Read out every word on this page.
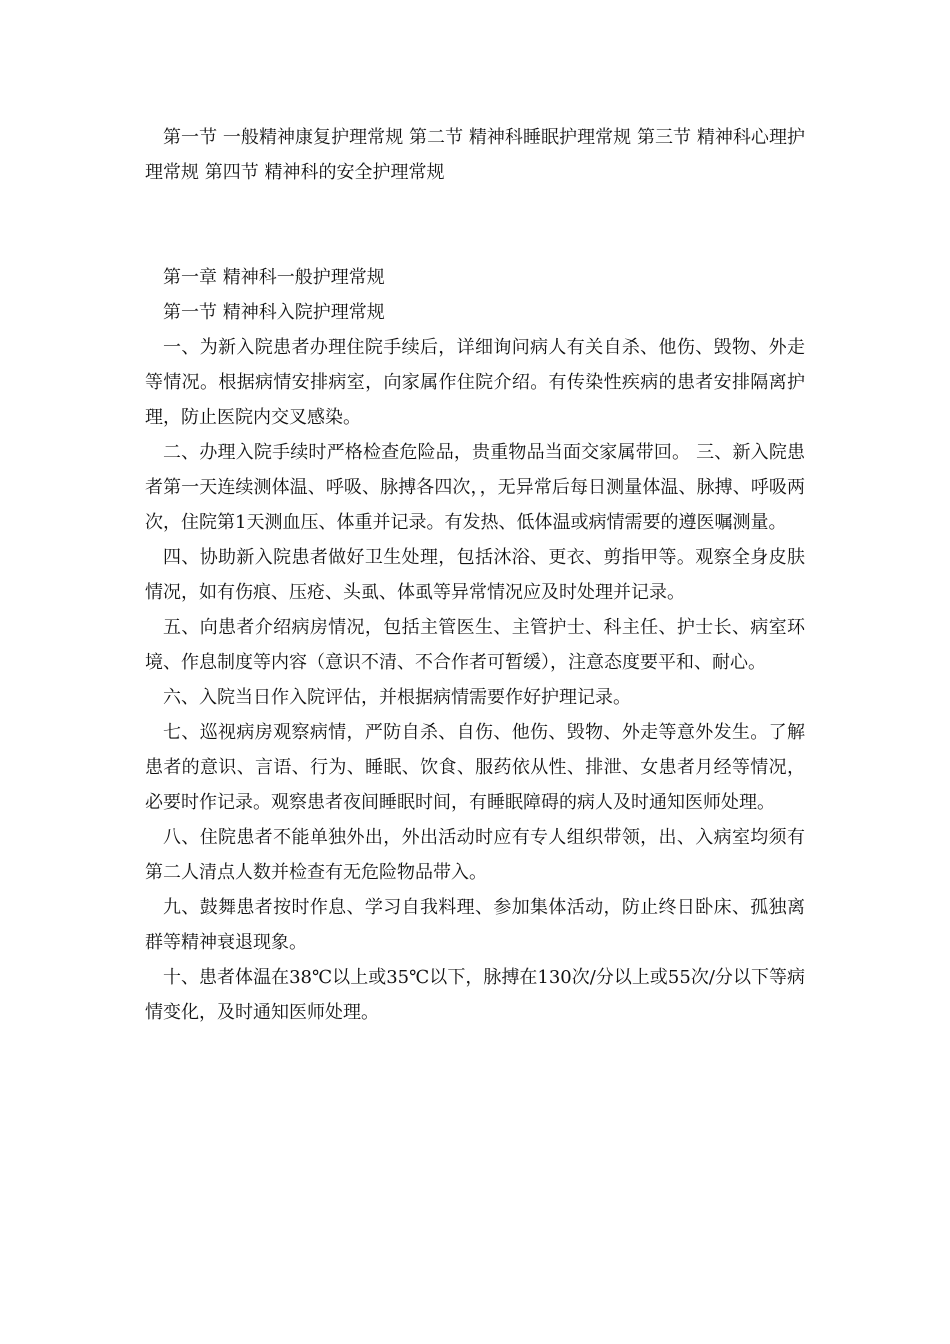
第一节 一般精神康复护理常规 第二节 精神科睡眠护理常规 第三节 精神科心理护理常规 第四节 精神科的安全护理常规

第一章 精神科一般护理常规

第一节 精神科入院护理常规

一、为新入院患者办理住院手续后，详细询问病人有关自杀、他伤、毁物、外走等情况。根据病情安排病室，向家属作住院介绍。有传染性疾病的患者安排隔离护理，防止医院内交叉感染。

二、办理入院手续时严格检查危险品，贵重物品当面交家属带回。 三、新入院患者第一天连续测体温、呼吸、脉搏各四次，，无异常后每日测量体温、脉搏、呼吸两次，住院第1天测血压、体重并记录。有发热、低体温或病情需要的遵医嘱测量。

四、协助新入院患者做好卫生处理，包括沐浴、更衣、剪指甲等。观察全身皮肤情况，如有伤痕、压疮、头虱、体虱等异常情况应及时处理并记录。

五、向患者介绍病房情况，包括主管医生、主管护士、科主任、护士长、病室环境、作息制度等内容（意识不清、不合作者可暂缓），注意态度要平和、耐心。

六、入院当日作入院评估，并根据病情需要作好护理记录。

七、巡视病房观察病情，严防自杀、自伤、他伤、毁物、外走等意外发生。了解患者的意识、言语、行为、睡眠、饮食、服药依从性、排泄、女患者月经等情况，必要时作记录。观察患者夜间睡眠时间，有睡眠障碍的病人及时通知医师处理。

八、住院患者不能单独外出，外出活动时应有专人组织带领，出、入病室均须有第二人清点人数并检查有无危险物品带入。

九、鼓舞患者按时作息、学习自我料理、参加集体活动，防止终日卧床、孤独离群等精神衰退现象。

十、患者体温在38℃以上或35℃以下，脉搏在130次/分以上或55次/分以下等病情变化，及时通知医师处理。
